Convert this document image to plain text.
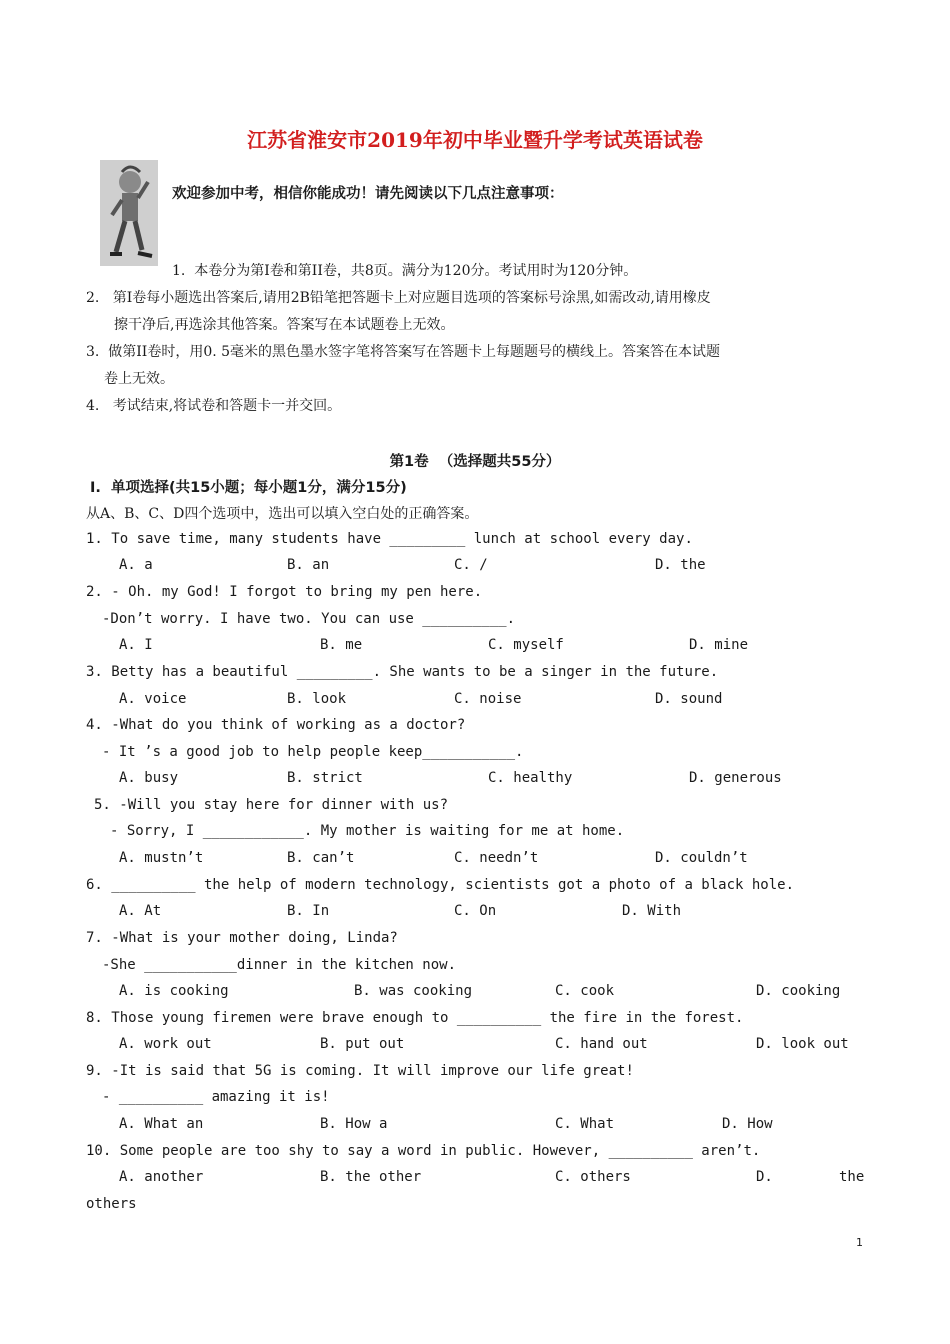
江苏省淮安市2019年初中毕业暨升学考试英语试卷
欢迎参加中考，相信你能成功！请先阅读以下几点注意事项：
1.  本卷分为第Ⅰ卷和第II卷，共8页。满分为120分。考试用时为120分钟。
2.   第Ⅰ卷每小题选出答案后,请用2B铅笔把答题卡上对应题目选项的答案标号涂黑,如需改动,请用橡皮
擦干净后,再选涂其他答案。答案写在本试题卷上无效。
3.  做第II卷时，用0. 5毫米的黑色墨水签字笔将答案写在答题卡上每题题号的横线上。答案答在本试题
卷上无效。
4.   考试结束,将试卷和答题卡一并交回。
第1卷  （选择题共55分）
Ⅰ.  单项选择(共15小题；每小题1分，满分15分)
从A、B、C、D四个选项中，选出可以填入空白处的正确答案。
1. To save time, many students have _________ lunch at school every day.
A. a	B. an	C. /	D. the
2. - Oh. my God! I forgot to bring my pen here.
-Don’t worry. I have two. You can use __________.
A. I	B. me	C. myself	D. mine
3. Betty has a beautiful _________. She wants to be a singer in the future.
A. voice	B. look	C. noise	D. sound
4. -What do you think of working as a doctor?
- It ’s a good job to help people keep___________.
A. busy	B. strict	C. healthy	D. generous
5. -Will you stay here for dinner with us?
- Sorry, I ____________. My mother is waiting for me at home.
A. mustn’t	B. can’t	C. needn’t	D. couldn’t
6. __________ the help of modern technology, scientists got a photo of a black hole.
A. At	B. In	C. On	D. With
7. -What is your mother doing, Linda?
-She ___________dinner in the kitchen now.
A. is cooking	B. was cooking	C. cook	D. cooking
8. Those young firemen were brave enough to __________ the fire in the forest.
A. work out	B. put out	C. hand out	D. look out
9. -It is said that 5G is coming. It will improve our life great!
- __________ amazing it is!
A. What an	B. How a	C. What	D. How
10. Some people are too shy to say a word in public. However, __________ aren’t.
A. another	B. the other	C. others	D.	the
others
1
